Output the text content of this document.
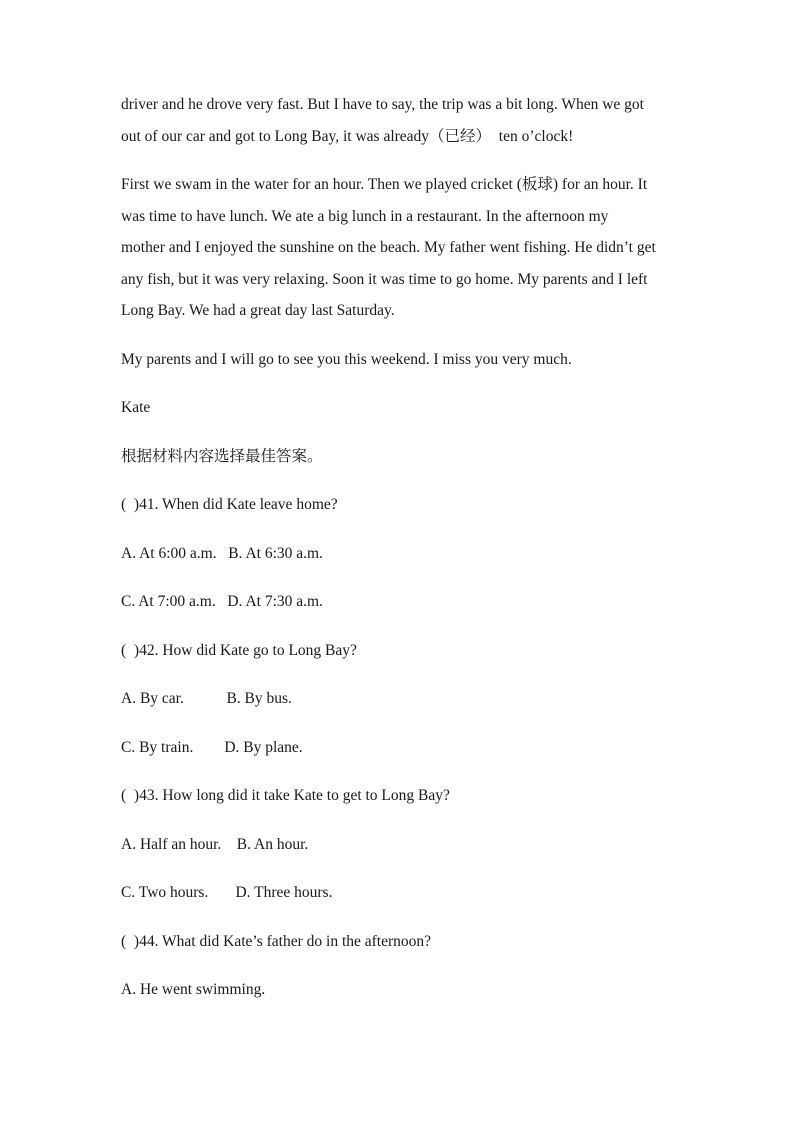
driver and he drove very fast. But I have to say, the trip was a bit long. When we got
out of our car and got to Long Bay, it was already（已经）  ten o’clock!
First we swam in the water for an hour. Then we played cricket (板球) for an hour. It
was time to have lunch. We ate a big lunch in a restaurant. In the afternoon my
mother and I enjoyed the sunshine on the beach. My father went fishing. He didn’t get
any fish, but it was very relaxing. Soon it was time to go home. My parents and I left
Long Bay. We had a great day last Saturday.
My parents and I will go to see you this weekend. I miss you very much.
Kate
根据材料内容选择最佳答案。
(  )41. When did Kate leave home?
A. At 6:00 a.m.   B. At 6:30 a.m.
C. At 7:00 a.m.   D. At 7:30 a.m.
(  )42. How did Kate go to Long Bay?
A. By car.           B. By bus.
C. By train.        D. By plane.
(  )43. How long did it take Kate to get to Long Bay?
A. Half an hour.    B. An hour.
C. Two hours.       D. Three hours.
(  )44. What did Kate’s father do in the afternoon?
A. He went swimming.
